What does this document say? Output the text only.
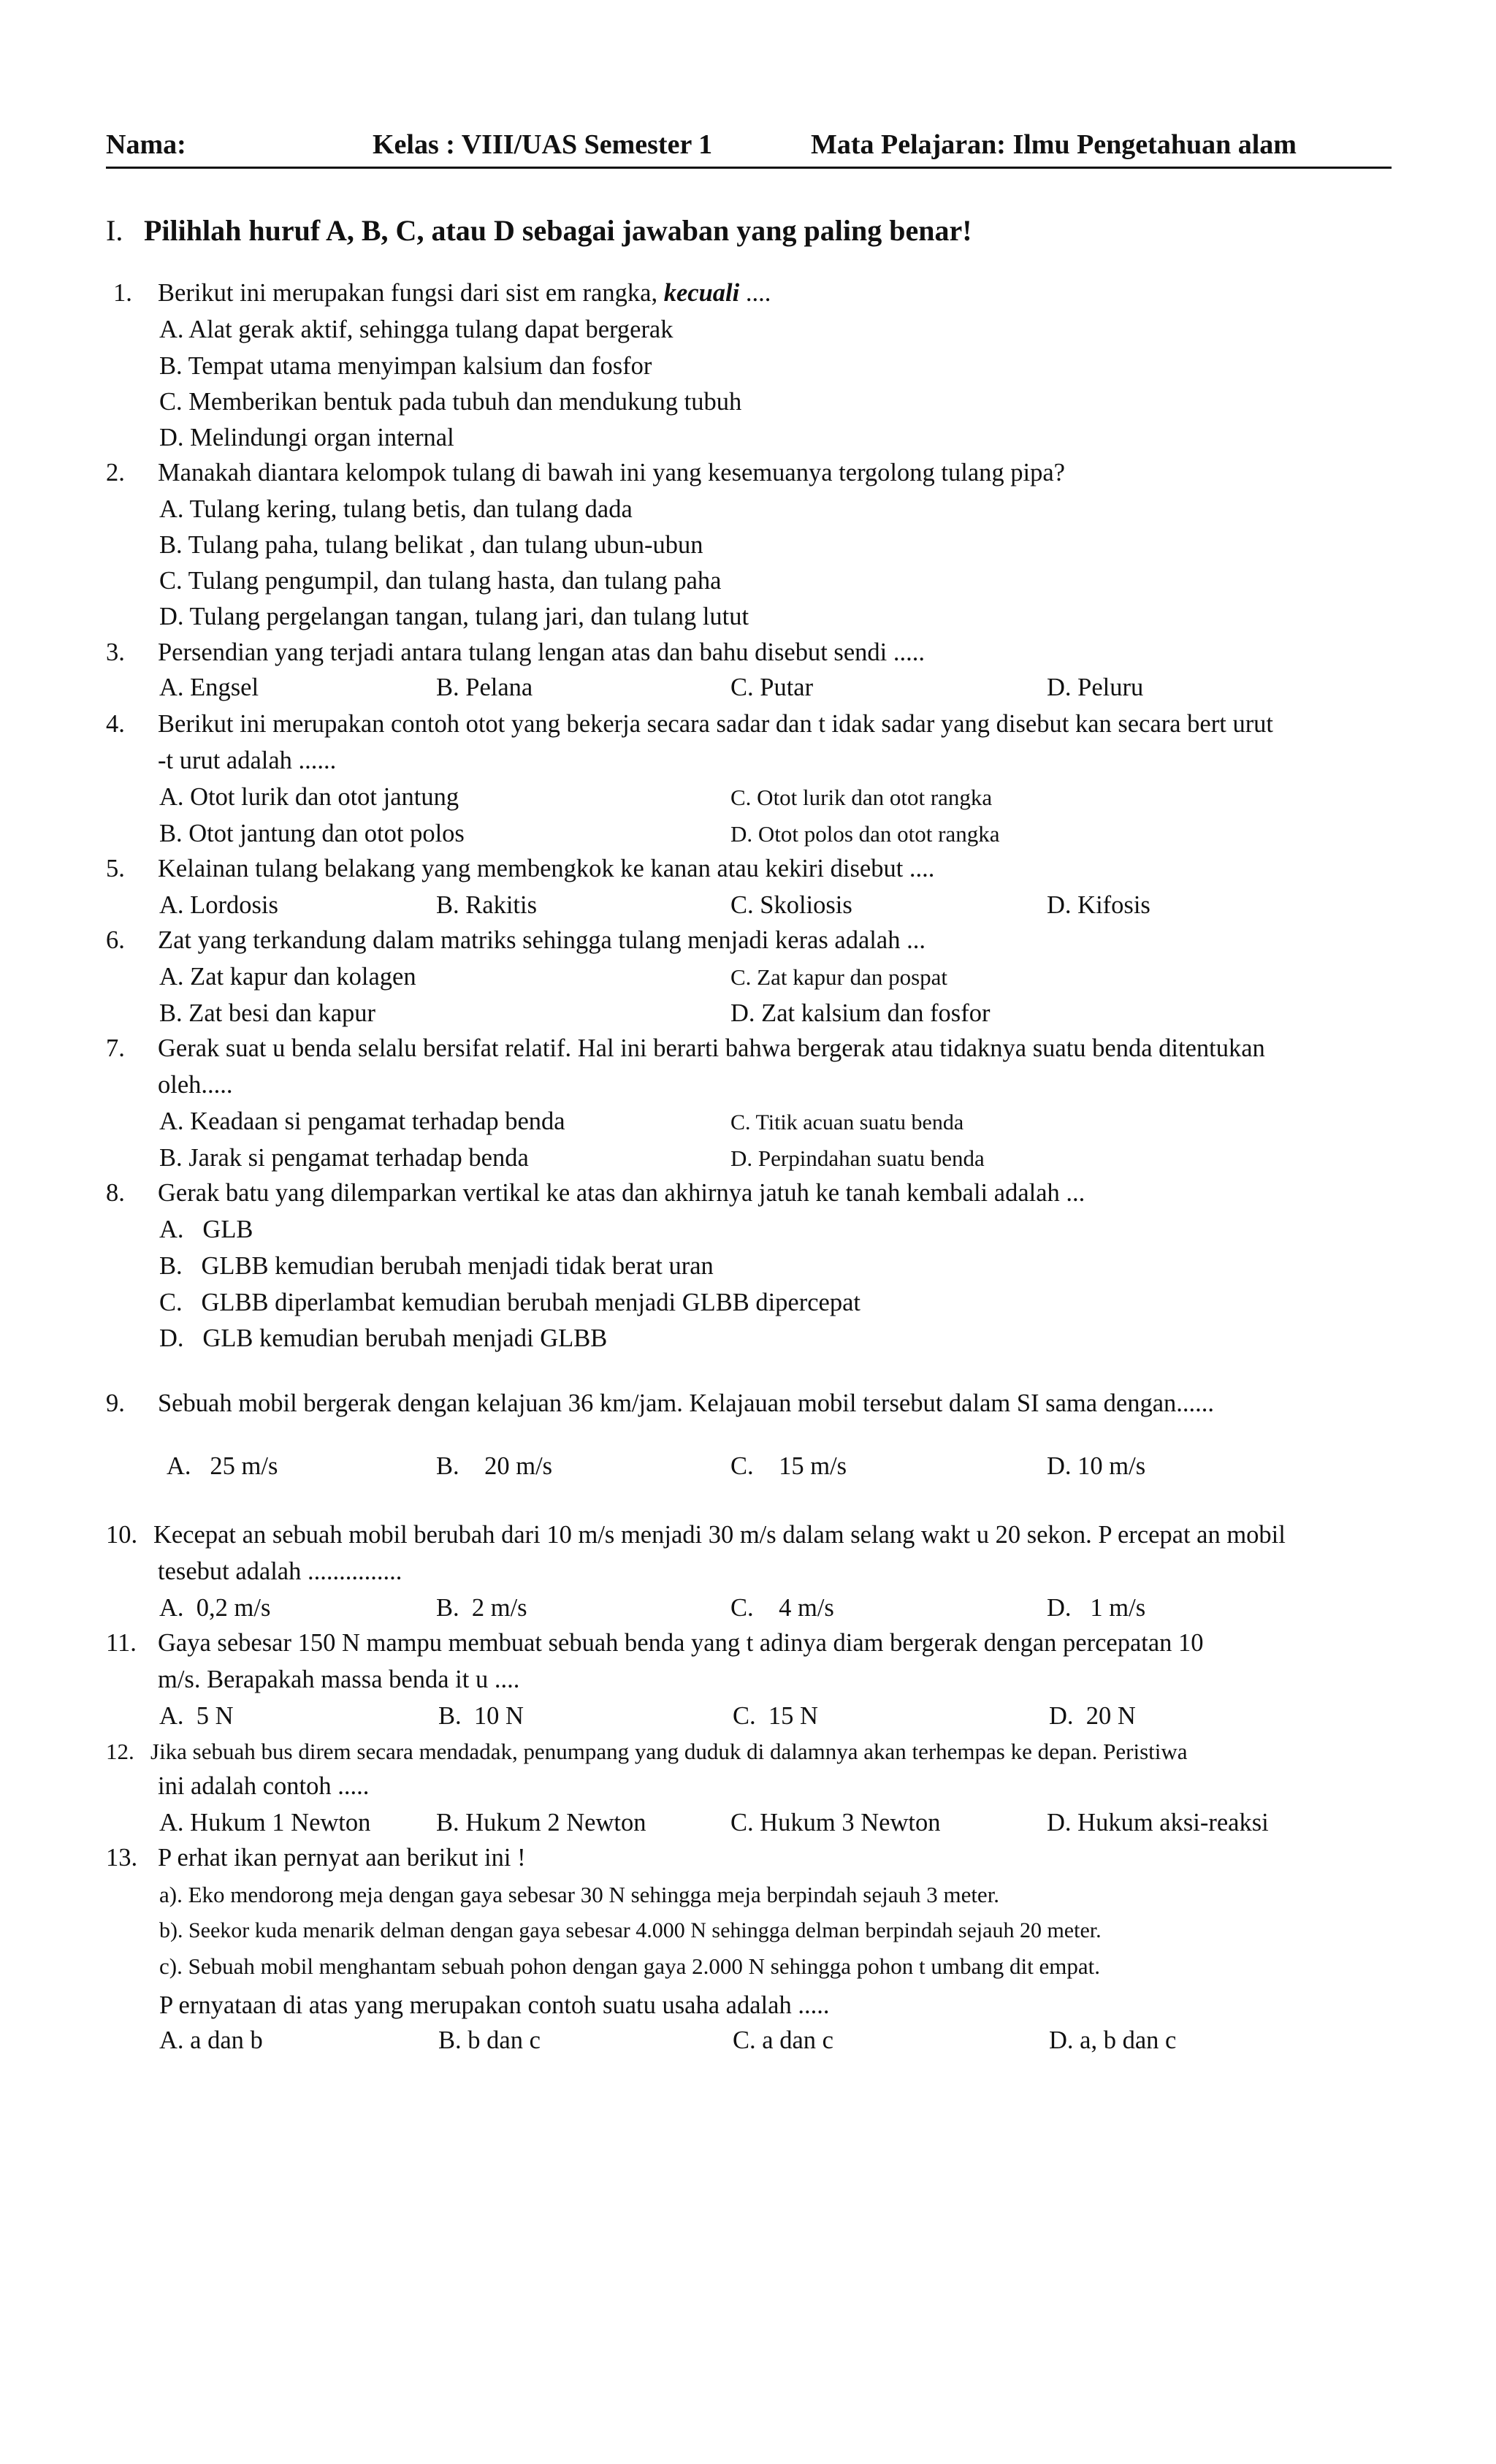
Nama:	Kelas : VIII/UAS Semester 1	Mata Pelajaran: Ilmu Pengetahuan alam
I. Pilihlah huruf A, B, C, atau D sebagai jawaban yang paling benar!
1. Berikut ini merupakan fungsi dari sist em rangka, kecuali ....
A. Alat gerak aktif, sehingga tulang dapat bergerak
B. Tempat utama menyimpan kalsium dan fosfor
C. Memberikan bentuk pada tubuh dan mendukung tubuh
D. Melindungi organ internal
2. Manakah diantara kelompok tulang di bawah ini yang kesemuanya tergolong tulang pipa?
A. Tulang kering, tulang betis, dan tulang dada
B. Tulang paha, tulang belikat , dan tulang ubun-ubun
C. Tulang pengumpil, dan tulang hasta, dan tulang paha
D. Tulang pergelangan tangan, tulang jari, dan tulang lutut
3. Persendian yang terjadi antara tulang lengan atas dan bahu disebut sendi .....
A. Engsel	B. Pelana	C. Putar	D. Peluru
4. Berikut ini merupakan contoh otot yang bekerja secara sadar dan t idak sadar yang disebut kan secara bert urut
-t urut adalah ......
A. Otot lurik dan otot jantung	C. Otot lurik dan otot rangka
B. Otot jantung dan otot polos	D. Otot polos dan otot rangka
5. Kelainan tulang belakang yang membengkok ke kanan atau kekiri disebut ....
A. Lordosis	B. Rakitis	C. Skoliosis	D. Kifosis
6. Zat yang terkandung dalam matriks sehingga tulang menjadi keras adalah ...
A. Zat kapur dan kolagen	C. Zat kapur dan pospat
B. Zat besi dan kapur	D. Zat kalsium dan fosfor
7. Gerak suat u benda selalu bersifat relatif. Hal ini berarti bahwa bergerak atau tidaknya suatu benda ditentukan
oleh.....
A. Keadaan si pengamat terhadap benda	C. Titik acuan suatu benda
B. Jarak si pengamat terhadap benda	D. Perpindahan suatu benda
8. Gerak batu yang dilemparkan vertikal ke atas dan akhirnya jatuh ke tanah kembali adalah ...
A.   GLB
B.   GLBB kemudian berubah menjadi tidak berat uran
C.   GLBB diperlambat kemudian berubah menjadi GLBB dipercepat
D.   GLB kemudian berubah menjadi GLBB
9. Sebuah mobil bergerak dengan kelajuan 36 km/jam. Kelajauan mobil tersebut dalam SI sama dengan......
A.   25 m/s	B.    20 m/s	C.    15 m/s	D. 10 m/s
10. Kecepat an sebuah mobil berubah dari 10 m/s menjadi 30 m/s dalam selang wakt u 20 sekon. P ercepat an mobil
tesebut adalah ...............
A.  0,2 m/s	B.  2 m/s	C.    4 m/s	D.   1 m/s
11. Gaya sebesar 150 N mampu membuat sebuah benda yang t adinya diam bergerak dengan percepatan 10
m/s. Berapakah massa benda it u ....
A.  5 N	B.  10 N	C.  15 N	D.  20 N
12. Jika sebuah bus direm secara mendadak, penumpang yang duduk di dalamnya akan terhempas ke depan. Peristiwa
ini adalah contoh .....
A. Hukum 1 Newton	B. Hukum 2 Newton	C. Hukum 3 Newton	D. Hukum aksi-reaksi
13. P erhat ikan pernyat aan berikut ini !
a). Eko mendorong meja dengan gaya sebesar 30 N sehingga meja berpindah sejauh 3 meter.
b). Seekor kuda menarik delman dengan gaya sebesar 4.000 N sehingga delman berpindah sejauh 20 meter.
c). Sebuah mobil menghantam sebuah pohon dengan gaya 2.000 N sehingga pohon t umbang dit empat.
P ernyataan di atas yang merupakan contoh suatu usaha adalah .....
A. a dan b	B. b dan c	C. a dan c	D. a, b dan c
